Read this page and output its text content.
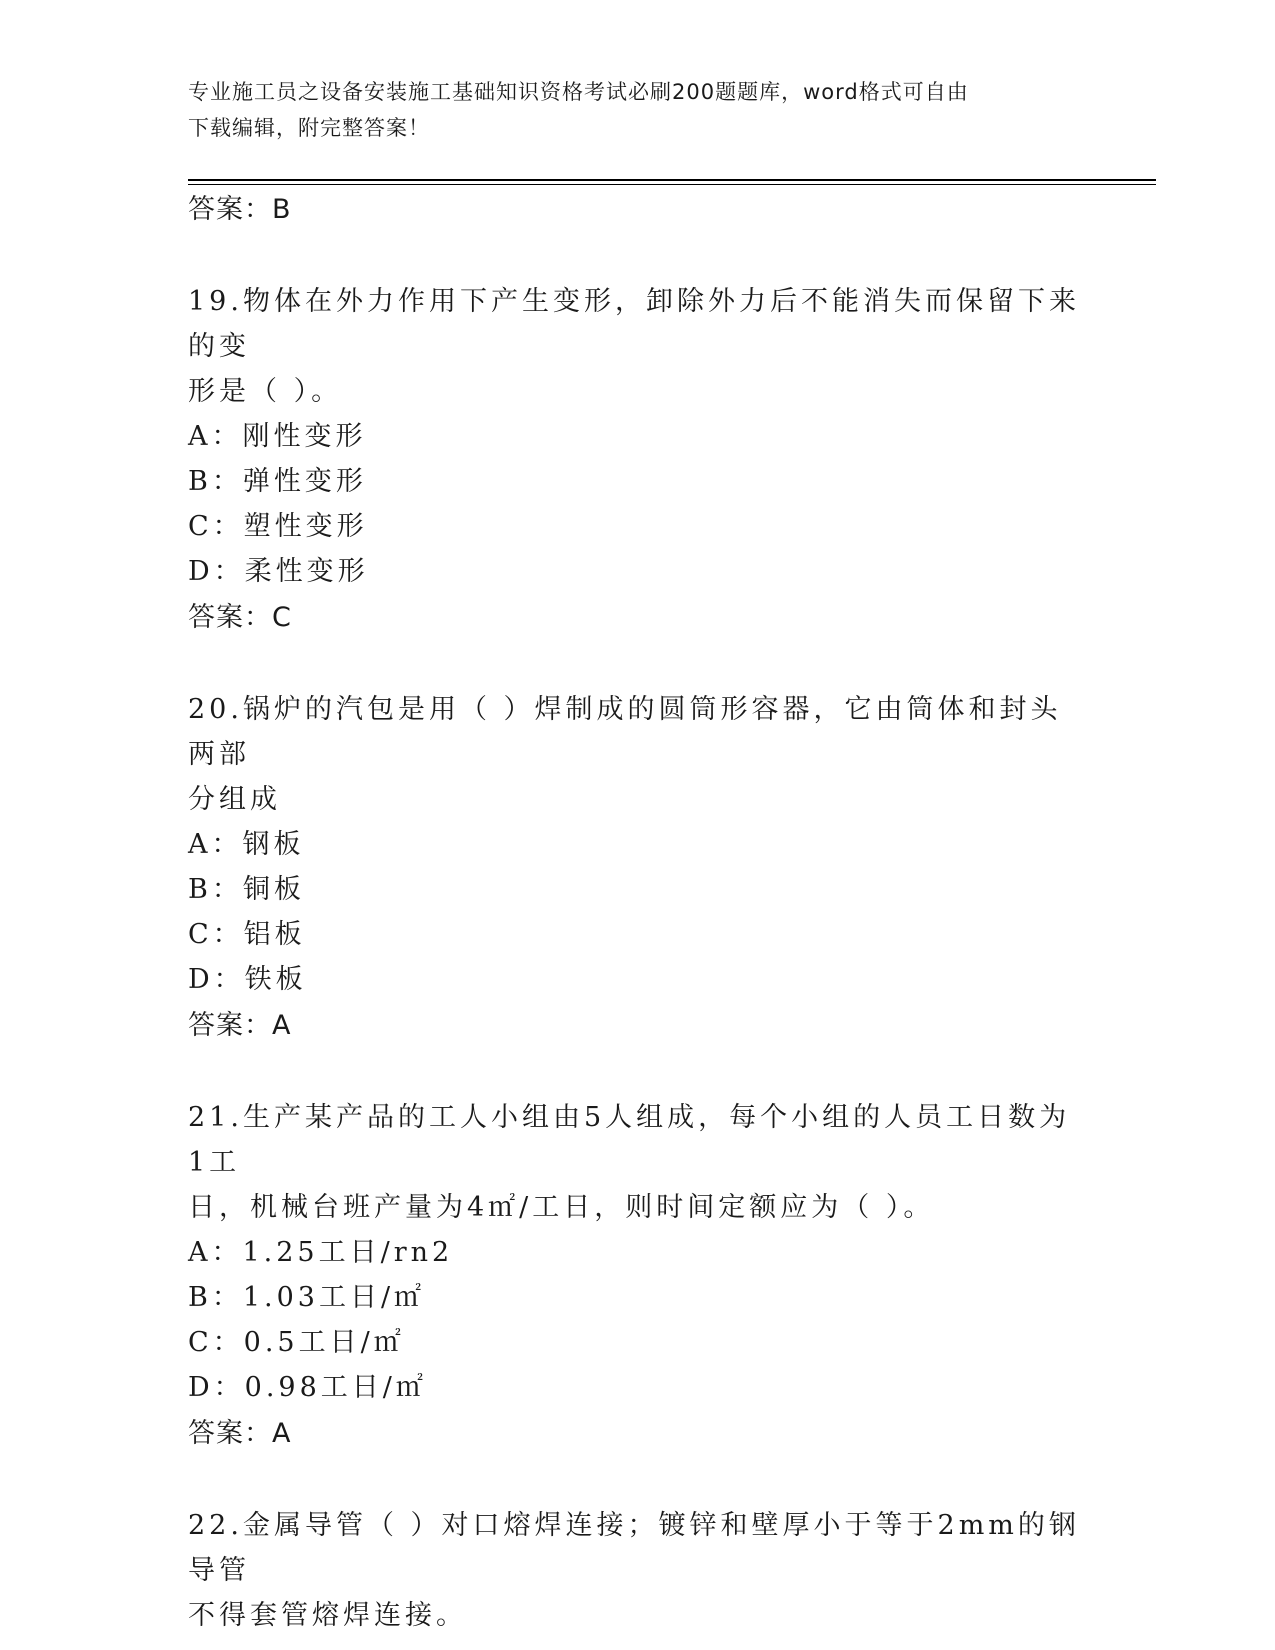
专业施工员之设备安装施工基础知识资格考试必刷200题题库，word格式可自由
下载编辑，附完整答案！
答案：B
19.物体在外力作用下产生变形，卸除外力后不能消失而保留下来的变
形是（ ）。
A：刚性变形
B：弹性变形
C：塑性变形
D：柔性变形
答案：C
20.锅炉的汽包是用（ ）焊制成的圆筒形容器，它由筒体和封头两部
分组成
A：钢板
B：铜板
C：铝板
D：铁板
答案：A
21.生产某产品的工人小组由5人组成，每个小组的人员工日数为1工
日，机械台班产量为4㎡/工日，则时间定额应为（ ）。
A：1.25工日/rn2
B：1.03工日/㎡
C：0.5工日/㎡
D：0.98工日/㎡
答案：A
22.金属导管（ ）对口熔焊连接；镀锌和壁厚小于等于2mm的钢导管
不得套管熔焊连接。
